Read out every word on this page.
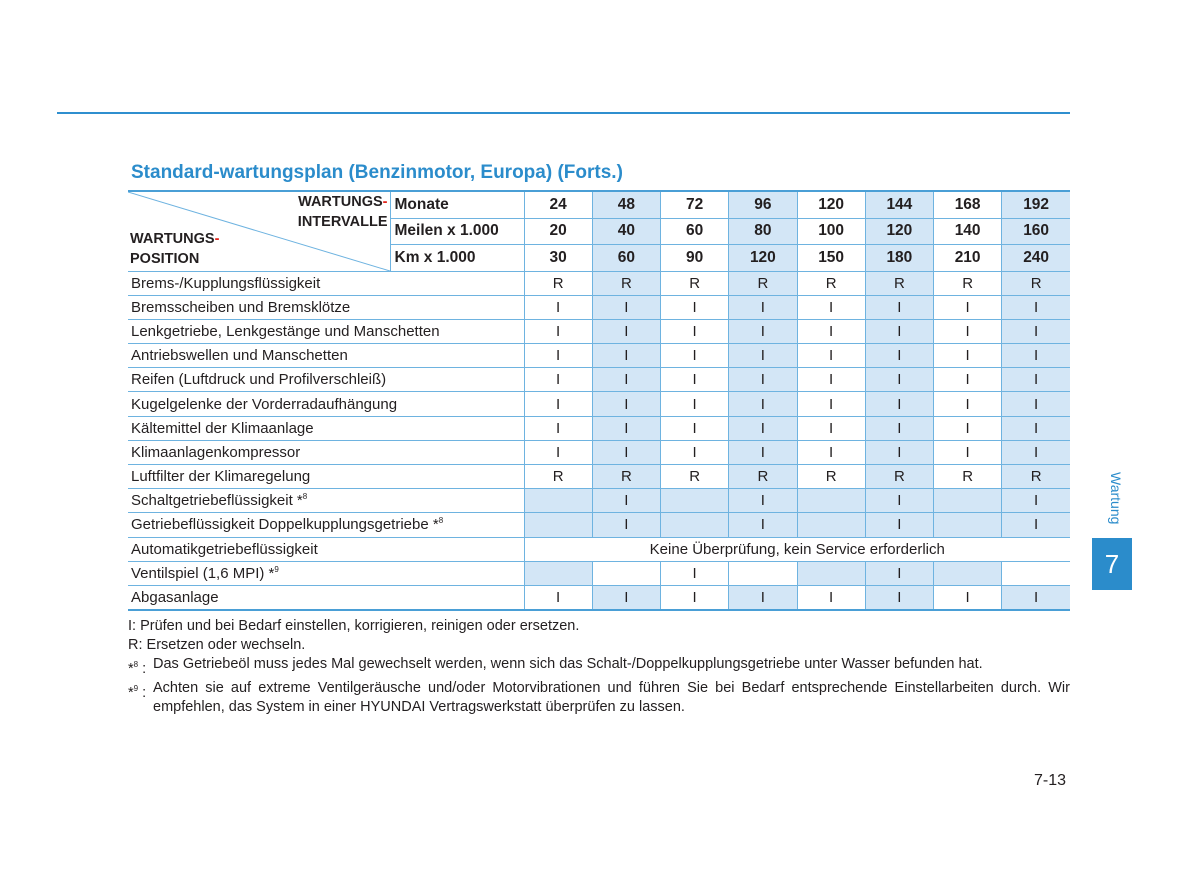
Standard-wartungsplan (Benzinmotor, Europa) (Forts.)
WARTUNGS-
INTERVALLE
WARTUNGS-
POSITION	Monate	24	48	72	96	120	144	168	192
	Meilen x 1.000	20	40	60	80	100	120	140	160
	Km x 1.000	30	60	90	120	150	180	210	240
Brems-/Kupplungsflüssigkeit		R	R	R	R	R	R	R	R
Bremsscheiben und Bremsklötze		I	I	I	I	I	I	I	I
Lenkgetriebe, Lenkgestänge und Manschetten		I	I	I	I	I	I	I	I
Antriebswellen und Manschetten		I	I	I	I	I	I	I	I
Reifen (Luftdruck und Profilverschleiß)		I	I	I	I	I	I	I	I
Kugelgelenke der Vorderradaufhängung		I	I	I	I	I	I	I	I
Kältemittel der Klimaanlage		I	I	I	I	I	I	I	I
Klimaanlagenkompressor		I	I	I	I	I	I	I	I
Luftfilter der Klimaregelung		R	R	R	R	R	R	R	R
Schaltgetriebeflüssigkeit *$^8$			I		I		I		I
Getriebeflüssigkeit Doppelkupplungsgetriebe *$^8$			I		I		I		I
Automatikgetriebeflüssigkeit		Keine Überprüfung, kein Service erforderlich							
Ventilspiel (1,6 MPI) *$^9$				I			I		
Abgasanlage		I	I	I	I	I	I	I	I

I: Prüfen und bei Bedarf einstellen, korrigieren, reinigen oder ersetzen.

R: Ersetzen oder wechseln.

*$^8$ : Das Getriebeöl muss jedes Mal gewechselt werden, wenn sich das Schalt-/Doppelkupplungsgetriebe unter Wasser befunden hat.
*$^9$ : Achten sie auf extreme Ventilgeräusche und/oder Motorvibrationen und führen Sie bei Bedarf entsprechende Einstellarbeiten durch. Wir empfehlen, das System in einer HYUNDAI Vertragswerkstatt überprüfen zu lassen.
7-13
Wartung
7
